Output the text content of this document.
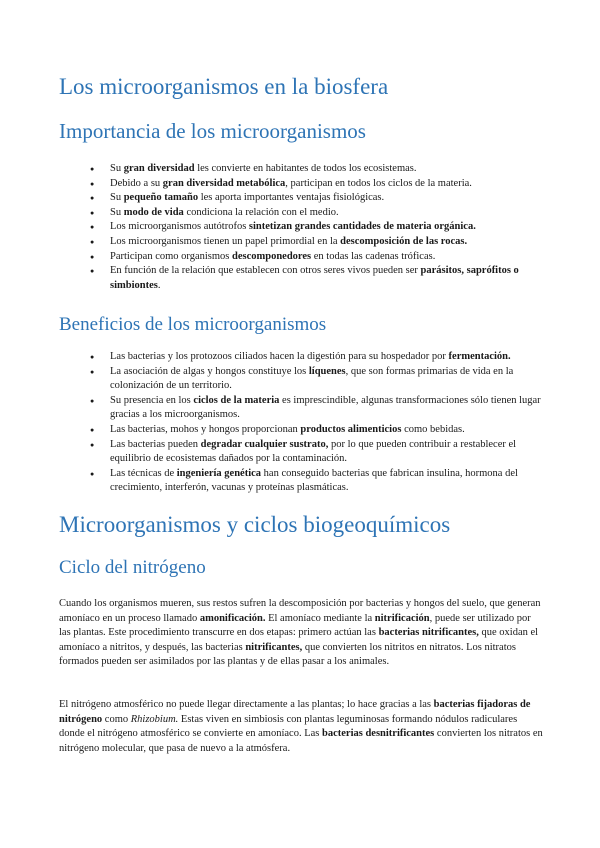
Los microorganismos en la biosfera
Importancia de los microorganismos
● Su gran diversidad les convierte en habitantes de todos los ecosistemas.
● Debido a su gran diversidad metabólica, participan en todos los ciclos de la materia.
● Su pequeño tamaño les aporta importantes ventajas fisiológicas.
● Su modo de vida condiciona la relación con el medio.
● Los microorganismos autótrofos sintetizan grandes cantidades de materia orgánica.
● Los microorganismos tienen un papel primordial en la descomposición de las rocas.
● Participan como organismos descomponedores en todas las cadenas tróficas.
● En función de la relación que establecen con otros seres vivos pueden ser parásitos, saprófitos o simbiontes.
Beneficios de los microorganismos
● Las bacterias y los protozoos ciliados hacen la digestión para su hospedador por fermentación.
● La asociación de algas y hongos constituye los líquenes, que son formas primarias de vida en la colonización de un territorio.
● Su presencia en los ciclos de la materia es imprescindible, algunas transformaciones sólo tienen lugar gracias a los microorganismos.
● Las bacterias, mohos y hongos proporcionan productos alimenticios como bebidas.
● Las bacterias pueden degradar cualquier sustrato, por lo que pueden contribuir a restablecer el equilibrio de ecosistemas dañados por la contaminación.
● Las técnicas de ingeniería genética han conseguido bacterias que fabrican insulina, hormona del crecimiento, interferón, vacunas y proteínas plasmáticas.
Microorganismos y ciclos biogeoquímicos
Ciclo del nitrógeno

Cuando los organismos mueren, sus restos sufren la descomposición por bacterias y hongos del suelo, que generan amoníaco en un proceso llamado amonificación. El amoníaco mediante la nitrificación, puede ser utilizado por las plantas. Este procedimiento transcurre en dos etapas: primero actúan las bacterias nitrificantes, que oxidan el amoníaco a nitritos, y después, las bacterias nitrificantes, que convierten los nitritos en nitratos. Los nitratos formados pueden ser asimilados por las plantas y de ellas pasar a los animales.

El nitrógeno atmosférico no puede llegar directamente a las plantas; lo hace gracias a las bacterias fijadoras de nitrógeno como Rhizobium. Estas viven en simbiosis con plantas leguminosas formando nódulos radiculares donde el nitrógeno atmosférico se convierte en amoníaco. Las bacterias desnitrificantes convierten los nitratos en nitrógeno molecular, que pasa de nuevo a la atmósfera.
